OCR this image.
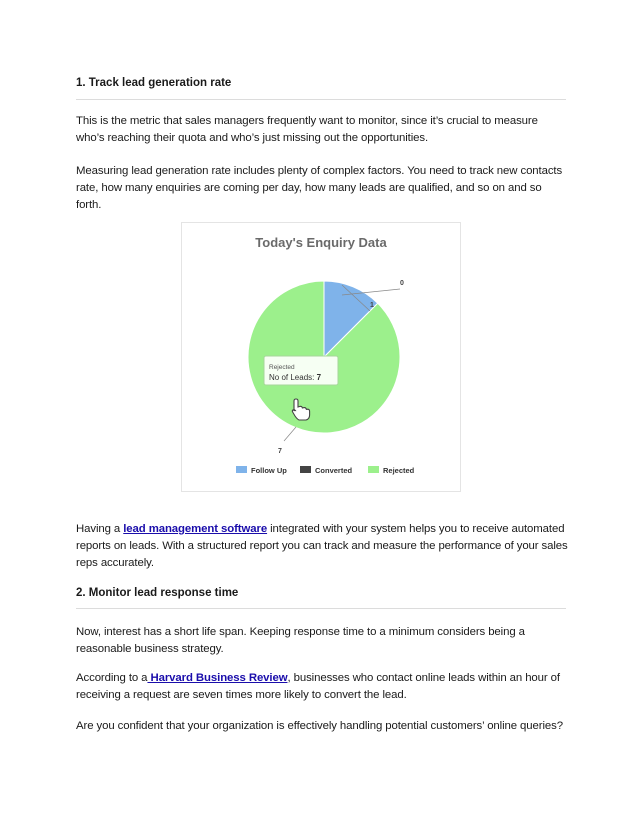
1. Track lead generation rate

This is the metric that sales managers frequently want to monitor, since it’s crucial to measure who’s reaching their quota and who’s just missing out the opportunities.

Measuring lead generation rate includes plenty of complex factors. You need to track new contacts rate, how many enquiries are coming per day, how many leads are qualified, and so on and so forth.

Having a lead management software integrated with your system helps you to receive automated reports on leads. With a structured report you can track and measure the performance of your sales reps accurately.

2. Monitor lead response time

Now, interest has a short life span. Keeping response time to a minimum considers being a reasonable business strategy.

According to a Harvard Business Review, businesses who contact online leads within an hour of receiving a request are seven times more likely to convert the lead.

Are you confident that your organization is effectively handling potential customers’ online queries?

Today's Enquiry Data
1
0
7
Rejected
No of Leads: 7
Follow Up	Converted	Rejected
